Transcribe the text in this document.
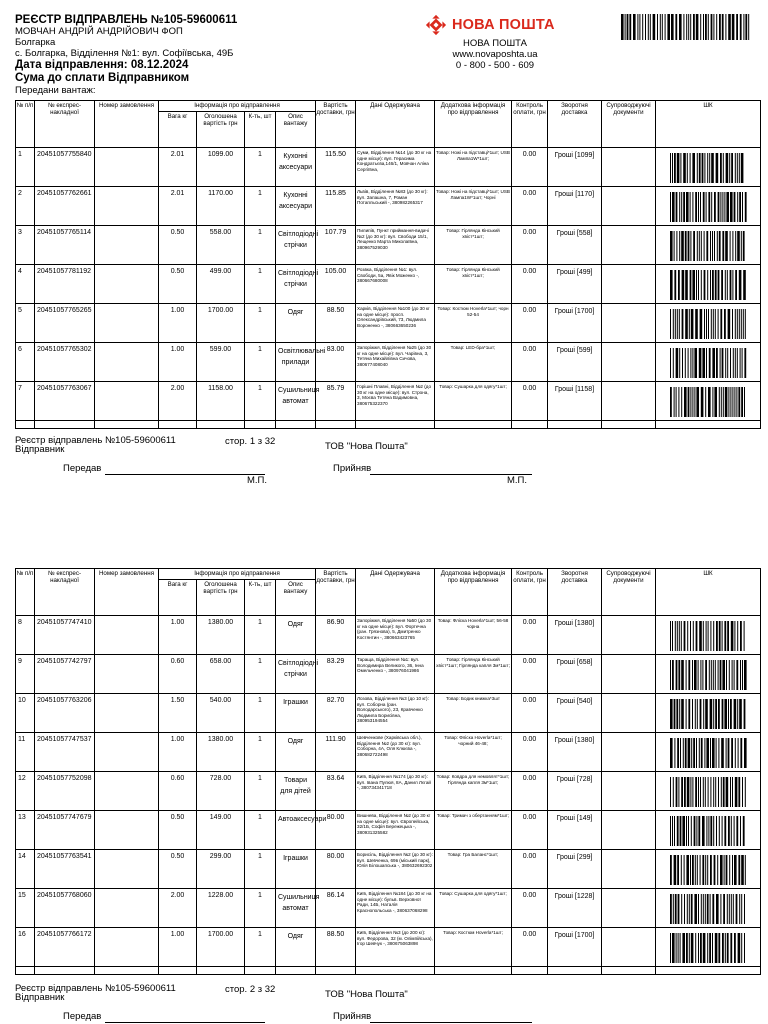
РЕЄСТР ВІДПРАВЛЕНЬ №105-59600611
МОВЧАН АНДРІЙ АНДРІЙОВИЧ ФОП
Болгарка
с. Болгарка, Відділення №1: вул. Софіївська, 49Б
Дата відправлення: 08.12.2024
Сума до сплати Відправником
Передани вантаж:
НОВА ПОШТА
НОВА ПОШТА
www.novaposhta.ua
0 - 800 - 500 - 609
№ п/п	№ експрес-накладної	Номер замовлення	Інформація про відправлення				Вартість доставки, грн	Дані Одержувача	Додаткова інформація про відправлення	Контроль оплати, грн	Зворотня доставка	Супроводжуючі документи	ШК
			Вага кг	Оголошена вартість грн	К-ть, шт	Опис вантажу							
1	20451057755840		2.01	1099.00	1	Кухонні аксесуари	115.50	Суми, Відділення №14 (до 30 кг на одне місце): вул. Герасима Кондратьєва,146/1, Мовчан Аліна Сергіївна,	Товар: Ножі на підставці*1шт; USB Лампа1W*1шт;	0.00	Гроші [1099]		

2	20451057762661		2.01	1170.00	1	Кухонні аксесуари	115.85	Львів, Відділення №83 (до 30 кг): вул. Запашна, 7, Роман Потапльський -, 380982265317	Товар: Ножі на підставці*1шт; USB Лампа1W*1шт; Чорні	0.00	Гроші [1170]		

3	20451057765114		0.50	558.00	1	Світлодіодні стрічки	107.79	Пилипів, Пункт приймання-видачі №2 (до 30 кг): вул. Свободи 15/1, Лещенко Марта Миколаївна, 380967529030	Товар: Гірлянда Кінський хвіст*1шт;	0.00	Гроші [558]		

4	20451057781192		0.50	499.00	1	Світлодіодні стрічки	105.00	Розвка, Відділення №1: вул. Свободи, 5а, Явік Моженко -, 380667680008	Товар: Гірлянда Кінський хвіст*1шт;	0.00	Гроші [499]		

5	20451057765265		1.00	1700.00	1	Одяг	88.50	Харків, Відділення №100 (до 30 кг на одне місце): просп. Олександрівський, 73, Людмила Вороненко -, 380663650236	Товар: Костюм Hoverla*1шт; чорн 52-54	0.00	Гроші [1700]		

6	20451057765302		1.00	599.00	1	Освітлювальні прилади	83.00	Запоріжжя, Відділення №25 (до 30 кг на одне місце): вул. Чарівна, 3, Тетяна Михайлівна Сичова, 380677408040	Товар: LED-бра*1шт;	0.00	Гроші [599]		

7	20451057763067		2.00	1158.00	1	Сушильниця автомат	85.79	Горішні Плавні, Відділення №2 (до 30 кг на одне місце): вул. Строна, 3, Моєва Тетяна Вадимовна, 380675322370	Товар: Сушарка для одягу*1шт;	0.00	Гроші [1158]		

Реєстр відправлень №105-59600611
Відправник
стор. 1 з 32	ТОВ "Нова Пошта"
Передав
М.П.
Прийняв
М.П.
№ п/п	№ експрес-накладної	Номер замовлення	Інформація про відправлення				Вартість доставки, грн	Дані Одержувача	Додаткова інформація про відправлення	Контроль оплати, грн	Зворотня доставка	Супроводжуючі документи	ШК
			Вага кг	Оголошена вартість грн	К-ть, шт	Опис вантажу							
8	20451057747410		1.00	1380.00	1	Одяг	86.90	Запоріжжя, Відділення №50 (до 30 кг на одне місце): вул. Фортечна (ран. Грязнова), 5, Дмитренко Костянтин -, 380663423765	Товар: Фліска Hoverla*1шт; 56-58 чорна	0.00	Гроші [1380]		

9	20451057742797		0.60	658.00	1	Світлодіодні стрічки	83.29	Тараща, Відділення №1: вул. Володимира Великого, 36, Інна Омельченко -, 380976041986	Товар: Гірлянда Кінський хвіст*1шт; Гірлянда капля 3м*1шт;	0.00	Гроші [658]		

10	20451057763206		1.50	540.00	1	Іграшки	82.70	Лозова, Відділення №3 (до 10 кг): вул. Соборна (ран. Володарського), 23, Кравченко Людмила Борисівна, 380953194554	Товар: Бодик книжка*3шт	0.00	Гроші [540]		

11	20451057747537		1.00	1380.00	1	Одяг	111.90	Шевченкове (Харківська обл.), Відділення №2 (до 30 кг): вул. Соборна, 4А, Оля Клюєва -, 380682722498	Товар: Фліска Hoverla*1шт; чорний 46-48;	0.00	Гроші [1380]		

12	20451057752098		0.60	728.00	1	Товари для дітей	83.64	Київ, Відділення №174 (до 30 кг): вул. Івана Пулюя, 8А, Данил Лєгай -, 380734341718	Товар: Ковдра для немовлят*1шт; Гірлянда капля 3м*1шт;	0.00	Гроші [728]		

13	20451057747679		0.50	149.00	1	Автоаксесуари	80.00	Вишнева, Відділення №2 (до 30 кг на одне місце): вул. Європейська, 32/1Б, Софія Бережецька -, 380931325582	Товар: Тримач з обертанням*1шт;	0.00	Гроші [149]		

14	20451057763541		0.50	299.00	1	Іграшки	80.00	Борисіль, Відділення №2 (до 30 кг): вул. Шевченка, 69в (міський парк), Юлія Білошапська -, 380632692302	Товар: Гра Баланс*1шт;	0.00	Гроші [299]		

15	20451057768060		2.00	1228.00	1	Сушильниця автомат	86.14	Київ, Відділення №184 (до 30 кг на одне місце): бульв. Верховної Ради, 14Б, Наталія Краснопольська -, 380637068298	Товар: Сушарка для одягу*1шт;	0.00	Гроші [1228]		

16	20451057766172		1.00	1700.00	1	Одяг	88.50	Київ, Відділення №3 (до 200 кг): вул. Федорова, 32 (м. Олімпійська), Ігор Шевчук -, 380675063898	Товар: Костюм Hoverla*1шт;	0.00	Гроші [1700]		

Реєстр відправлень №105-59600611
Відправник
стор. 2 з 32	ТОВ "Нова Пошта"
Передав	Прийняв
